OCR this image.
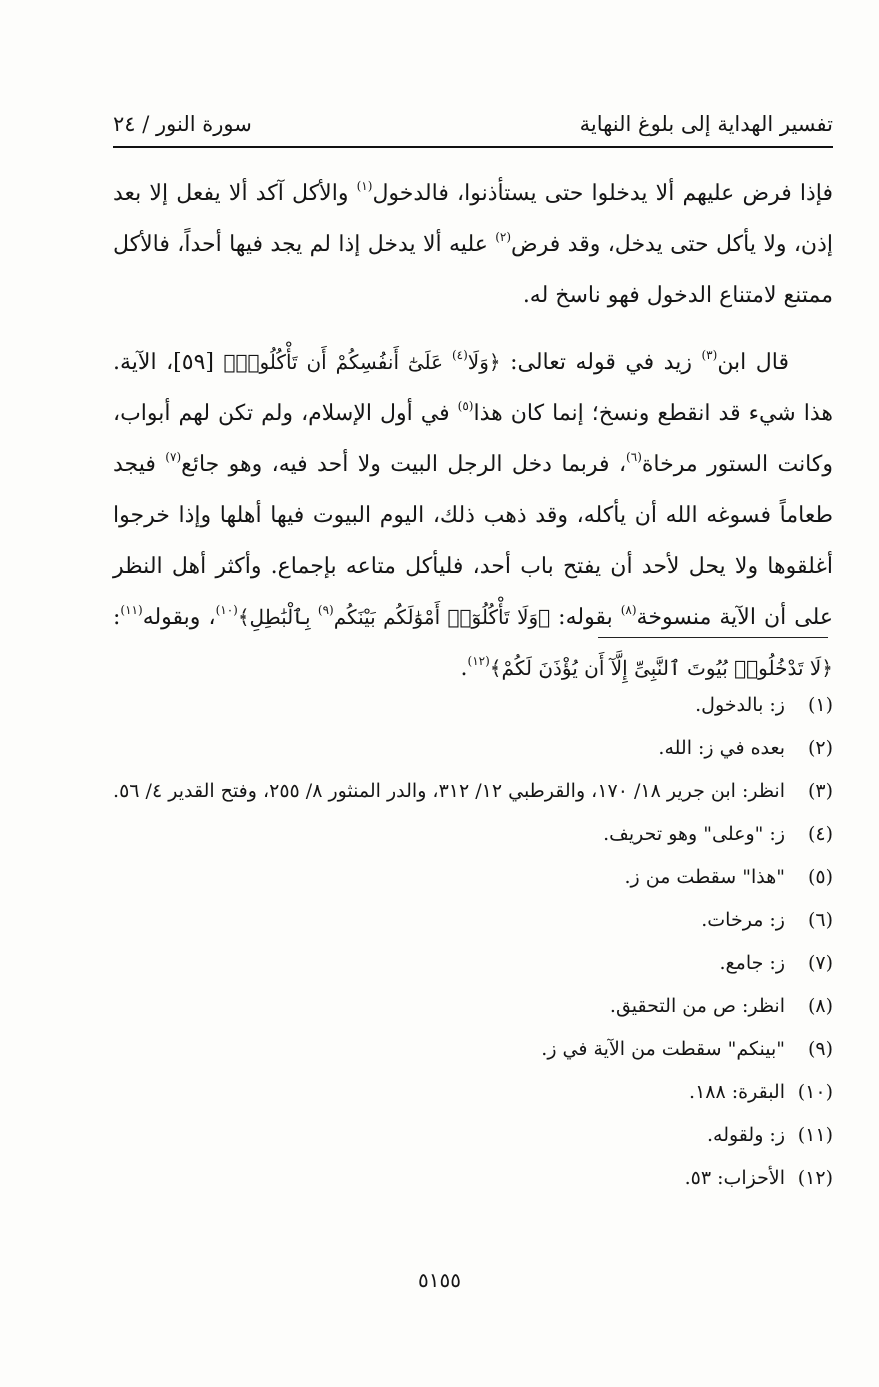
سورة النور / ٢٤	تفسير الهداية إلى بلوغ النهاية

فإذا فرض عليهم ألا يدخلوا حتى يستأذنوا، فالدخول$^{(١)}$ والأكل آكد ألا يفعل إلا بعد إذن، ولا يأكل حتى يدخل، وقد فرض$^{(٢)}$ عليه ألا يدخل إذا لم يجد فيها أحداً، فالأكل ممتنع لامتناع الدخول فهو ناسخ له.

قال ابن$^{(٣)}$ زيد في قوله تعالى: ﴿وَلَا$^{(٤)}$ عَلَىٰٓ أَنفُسِكُمْ أَن تَأْكُلُوا۟﴾ [٥٩]، الآية. هذا شيء قد انقطع ونسخ؛ إنما كان هذا$^{(٥)}$ في أول الإسلام، ولم تكن لهم أبواب، وكانت الستور مرخاة$^{(٦)}$، فربما دخل الرجل البيت ولا أحد فيه، وهو جائع$^{(٧)}$ فيجد طعاماً فسوغه الله أن يأكله، وقد ذهب ذلك، اليوم البيوت فيها أهلها وإذا خرجوا أغلقوها ولا يحل لأحد أن يفتح باب أحد، فليأكل متاعه بإجماع. وأكثر أهل النظر على أن الآية منسوخة$^{(٨)}$ بقوله: ﴿وَلَا تَأْكُلُوٓا۟ أَمْوَٰلَكُم بَيْنَكُم$^{(٩)}$ بِٱلْبَٰطِلِ﴾$^{(١٠)}$، وبقوله$^{(١١)}$: ﴿لَا تَدْخُلُوا۟ بُيُوتَ ٱلنَّبِىِّ إِلَّآ أَن يُؤْذَنَ لَكُمْ﴾$^{(١٢)}$.

(١)
ز: بالدخول.
(٢)
بعده في ز: الله.
(٣)
انظر: ابن جرير ١٨/ ١٧٠، والقرطبي ١٢/ ٣١٢، والدر المنثور ٨/ ٢٥٥، وفتح القدير ٤/ ٥٦.
(٤)
ز: "وعلى" وهو تحريف.
(٥)
"هذا" سقطت من ز.
(٦)
ز: مرخات.
(٧)
ز: جامع.
(٨)
انظر: ص من التحقيق.
(٩)
"بينكم" سقطت من الآية في ز.
(١٠)
البقرة: ١٨٨.
(١١)
ز: ولقوله.
(١٢)
الأحزاب: ٥٣.
٥١٥٥
